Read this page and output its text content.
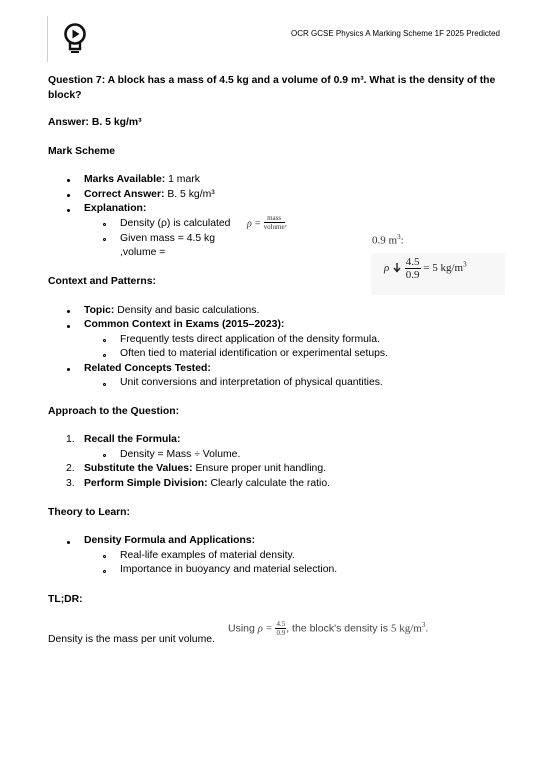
OCR GCSE Physics A Marking Scheme 1F 2025 Predicted
Question 7: A block has a mass of 4.5 kg and a volume of 0.9 m³. What is the density of the block?
Answer: B. 5 kg/m³
Mark Scheme
Marks Available: 1 mark
Correct Answer: B. 5 kg/m³
Explanation:
Density (ρ) is calculated
Given mass = 4.5 kg
,volume =
$\rho = \frac{\text{mass}}{\text{volume}}$ .
0.9 $m^3$:
ρ $\frac{4.5}{0.9} = 5$ $kg/m^3$
Context and Patterns:
Topic: Density and basic calculations.
Common Context in Exams (2015–2023):
Frequently tests direct application of the density formula.
Often tied to material identification or experimental setups.
Related Concepts Tested:
Unit conversions and interpretation of physical quantities.
Approach to the Question:
1. Recall the Formula:
Density = Mass ÷ Volume.
2. Substitute the Values: Ensure proper unit handling.
3. Perform Simple Division: Clearly calculate the ratio.
Theory to Learn:
Density Formula and Applications:
Real-life examples of material density.
Importance in buoyancy and material selection.
TL;DR:
Density is the mass per unit volume.
Using $\rho = \frac{4.5}{0.9}$ , the block's density is 5 $kg/m^3$.
